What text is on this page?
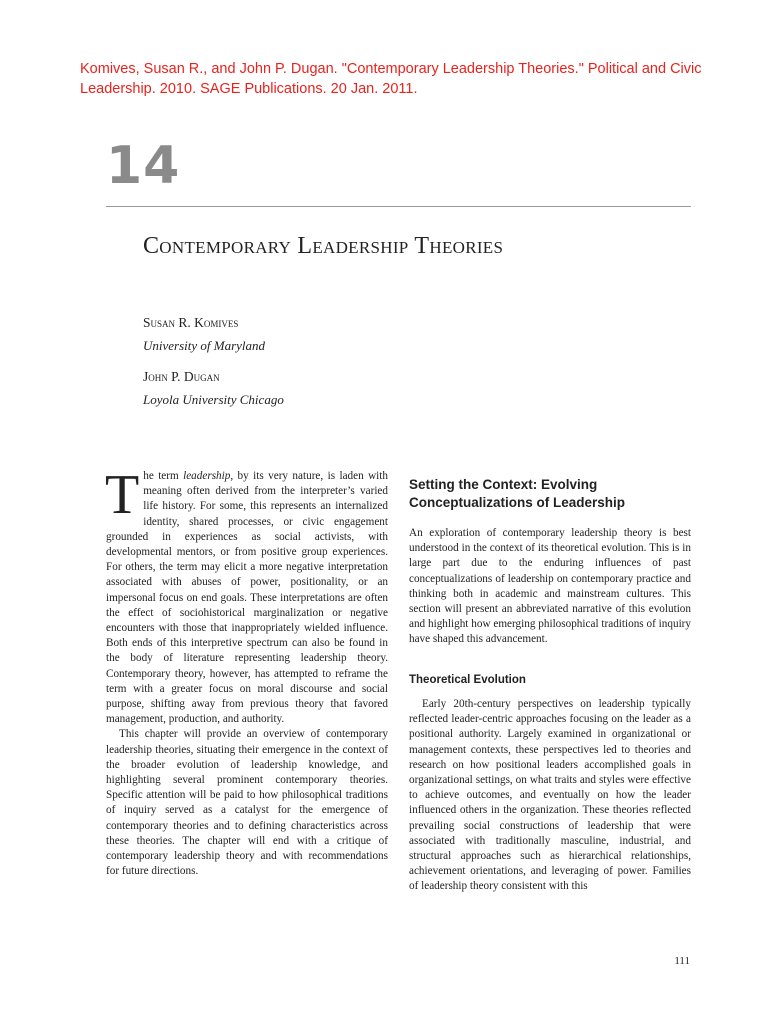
Komives, Susan R., and John P. Dugan. "Contemporary Leadership Theories." Political and Civic Leadership. 2010. SAGE Publications. 20 Jan. 2011.
14
Contemporary Leadership Theories
Susan R. Komives
University of Maryland
John P. Dugan
Loyola University Chicago

The term leadership, by its very nature, is laden with meaning often derived from the interpreter’s varied life history. For some, this represents an internalized identity, shared processes, or civic engagement grounded in experiences as social activists, with developmental mentors, or from positive group experiences. For others, the term may elicit a more negative interpretation associated with abuses of power, positionality, or an impersonal focus on end goals. These interpretations are often the effect of sociohistorical marginalization or negative encounters with those that inappropriately wielded influence. Both ends of this interpretive spectrum can also be found in the body of literature representing leadership theory. Contemporary theory, however, has attempted to reframe the term with a greater focus on moral discourse and social purpose, shifting away from previous theory that favored management, production, and authority.

This chapter will provide an overview of contemporary leadership theories, situating their emergence in the context of the broader evolution of leadership knowledge, and highlighting several prominent contemporary theories. Specific attention will be paid to how philosophical traditions of inquiry served as a catalyst for the emergence of contemporary theories and to defining characteristics across these theories. The chapter will end with a critique of contemporary leadership theory and with recommendations for future directions.

Setting the Context: Evolving Conceptualizations of Leadership

An exploration of contemporary leadership theory is best understood in the context of its theoretical evolution. This is in large part due to the enduring influences of past conceptualizations of leadership on contemporary practice and thinking both in academic and mainstream cultures. This section will present an abbreviated narrative of this evolution and highlight how emerging philosophical traditions of inquiry have shaped this advancement.

Theoretical Evolution

Early 20th-century perspectives on leadership typically reflected leader-centric approaches focusing on the leader as a positional authority. Largely examined in organizational or management contexts, these perspectives led to theories and research on how positional leaders accomplished goals in organizational settings, on what traits and styles were effective to achieve outcomes, and eventually on how the leader influenced others in the organization. These theories reflected prevailing social constructions of leadership that were associated with traditionally masculine, industrial, and structural approaches such as hierarchical relationships, achievement orientations, and leveraging of power. Families of leadership theory consistent with this

111
